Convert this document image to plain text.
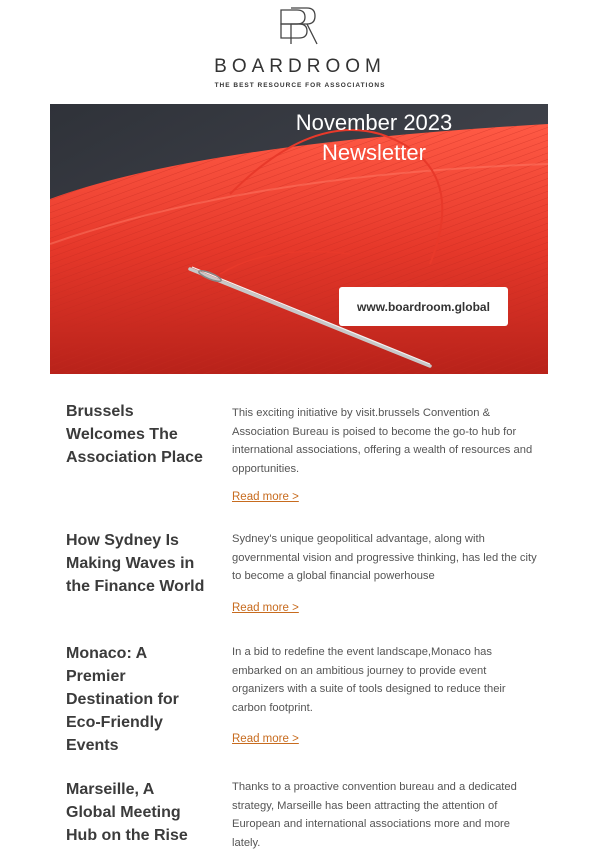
BOARDROOM
THE BEST RESOURCE FOR ASSOCIATIONS
November 2023
Newsletter
www.boardroom.global
Brussels Welcomes The Association Place
This exciting initiative by visit.brussels Convention & Association Bureau is poised to become the go-to hub for international associations, offering a wealth of resources and opportunities.
Read more >
How Sydney Is Making Waves in the Finance World
Sydney's unique geopolitical advantage, along with governmental vision and progressive thinking, has led the city to become a global financial powerhouse
Read more >
Monaco: A Premier Destination for Eco-Friendly Events
In a bid to redefine the event landscape,Monaco has embarked on an ambitious journey to provide event organizers with a suite of tools designed to reduce their carbon footprint.
Read more >
Marseille, A Global Meeting Hub on the Rise
Thanks to a proactive convention bureau and a dedicated strategy, Marseille has been attracting the attention of European and international associations more and more lately.
